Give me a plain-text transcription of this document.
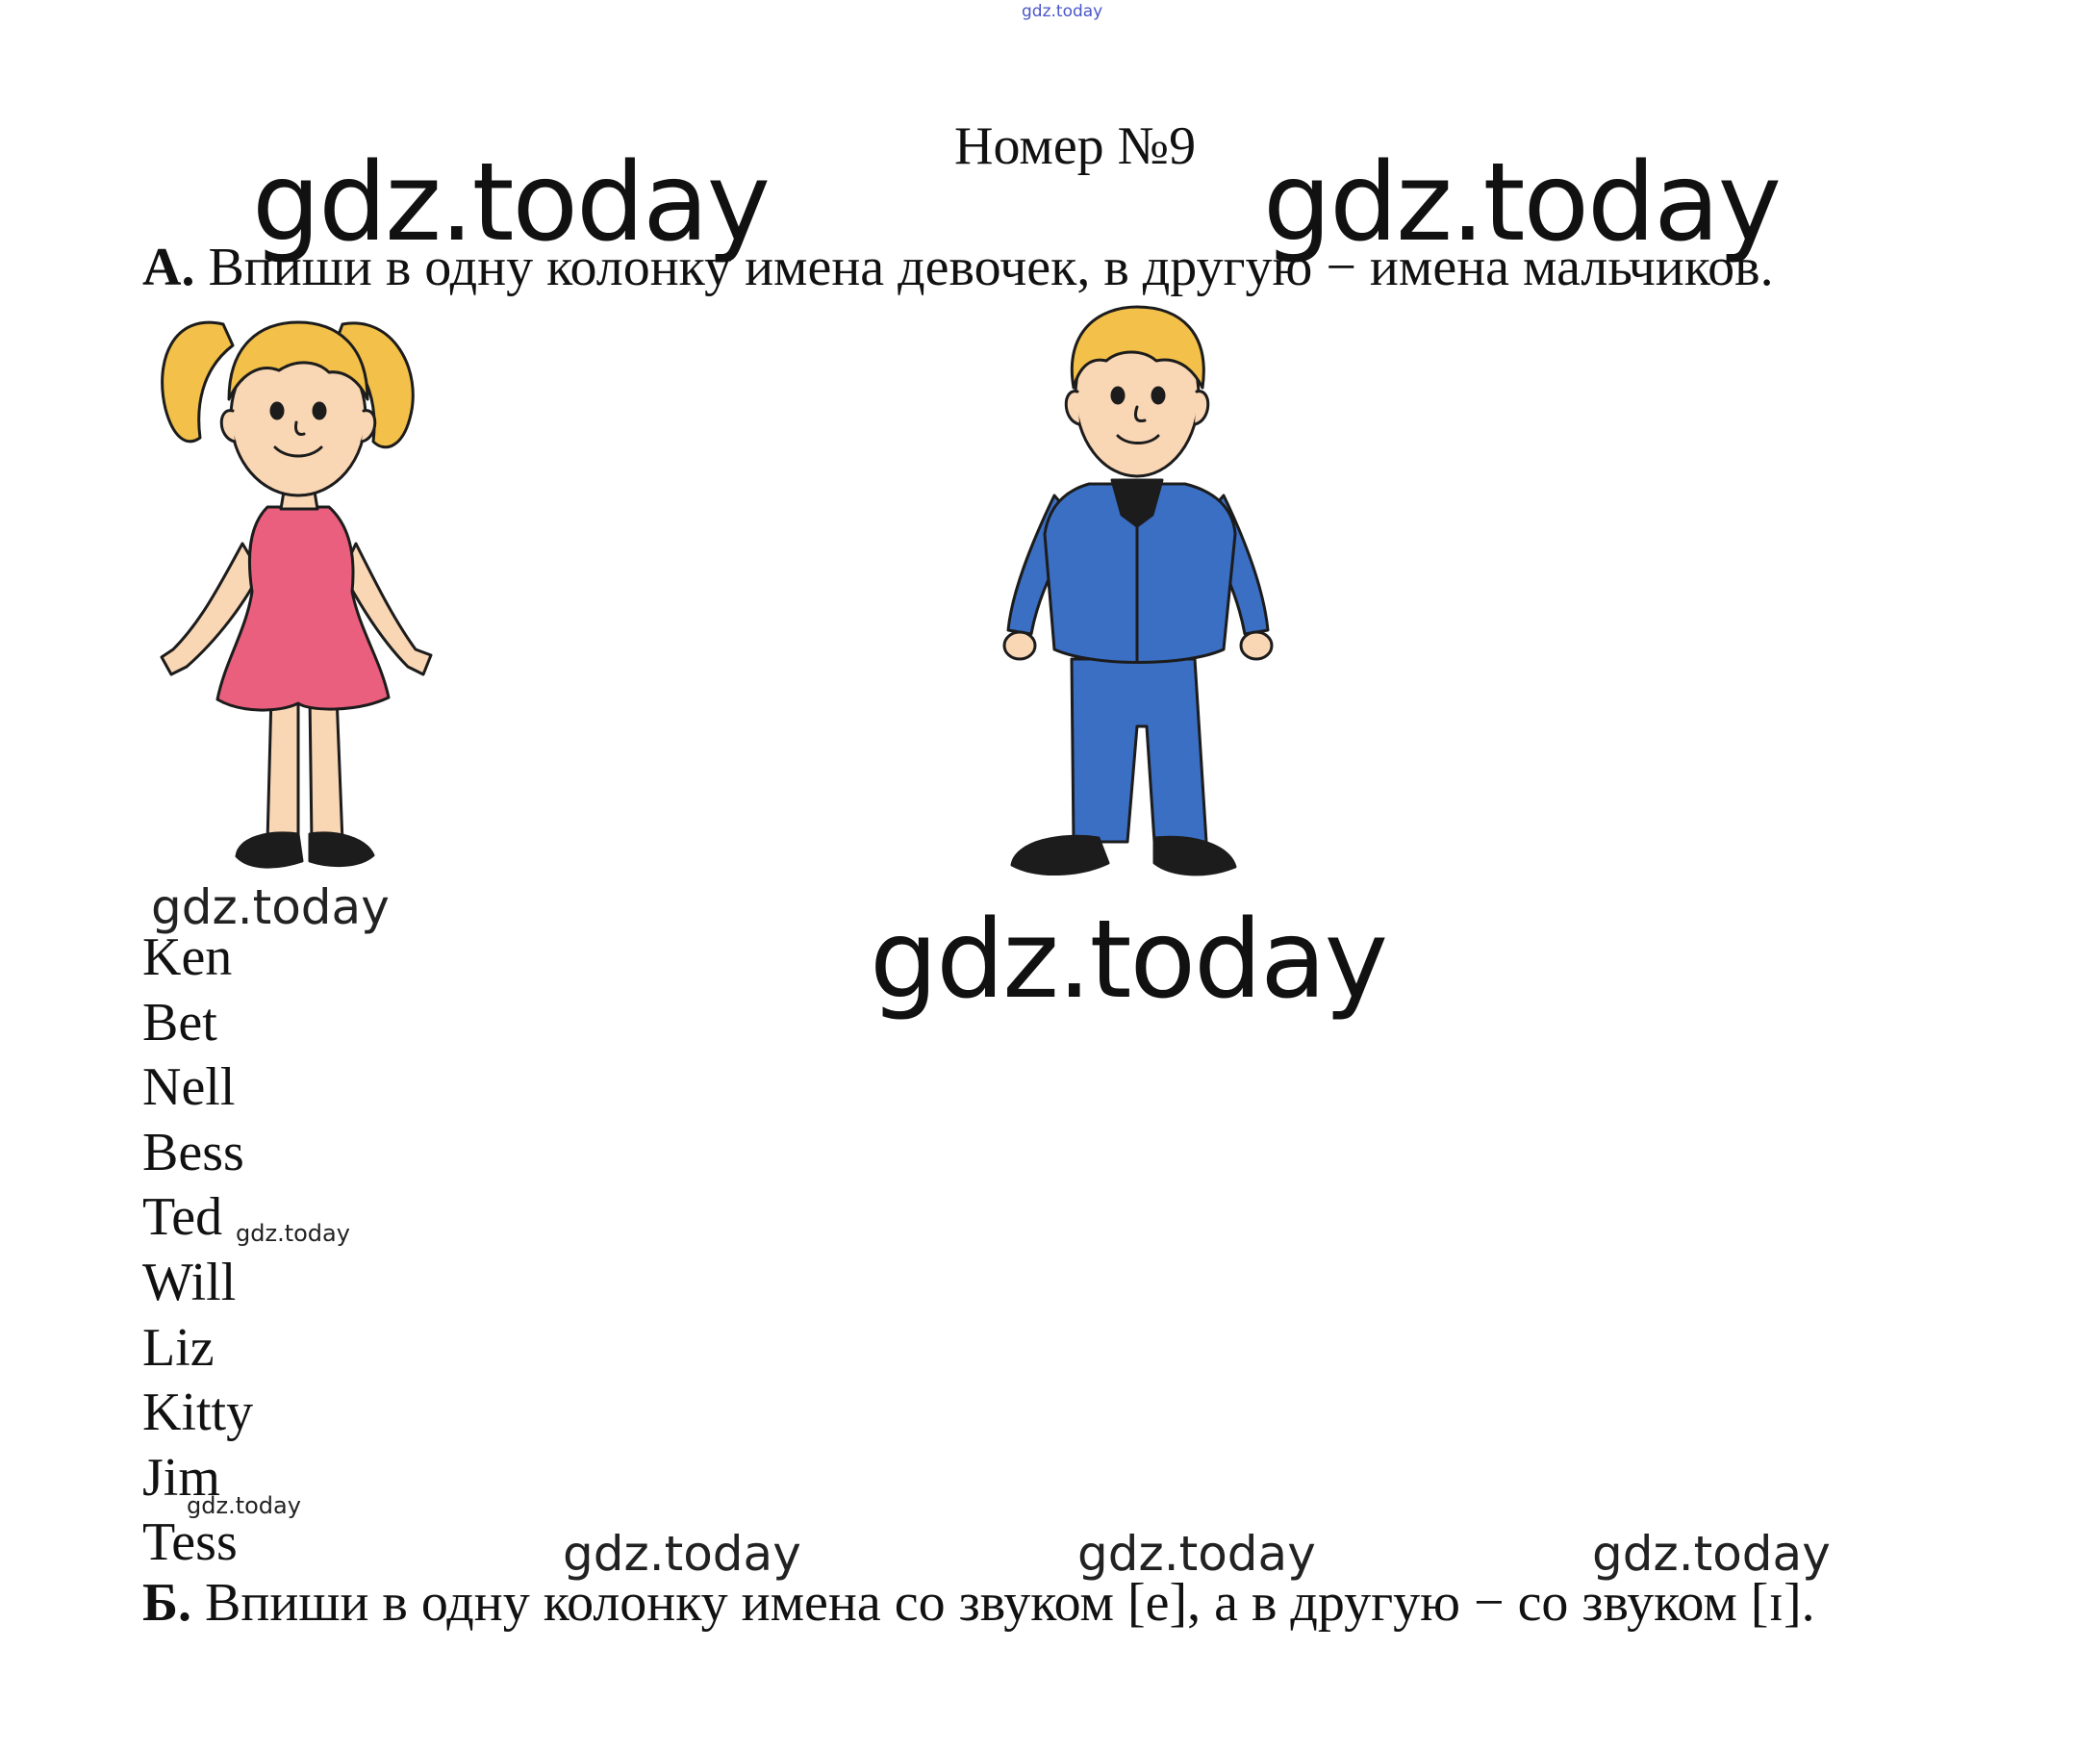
gdz.today
Номер №9
gdz.today	gdz.today
А. Впиши в одну колонку имена девочек, в другую − имена мальчиков.
gdz.today	gdz.today
Ken
Bet
Nell
Bess
Ted
Will
Liz
Kitty
Jim
Tess
gdz.today
gdz.today
gdz.today	gdz.today	gdz.today
Б. Впиши в одну колонку имена со звуком [e], а в другую − со звуком [ɪ].
